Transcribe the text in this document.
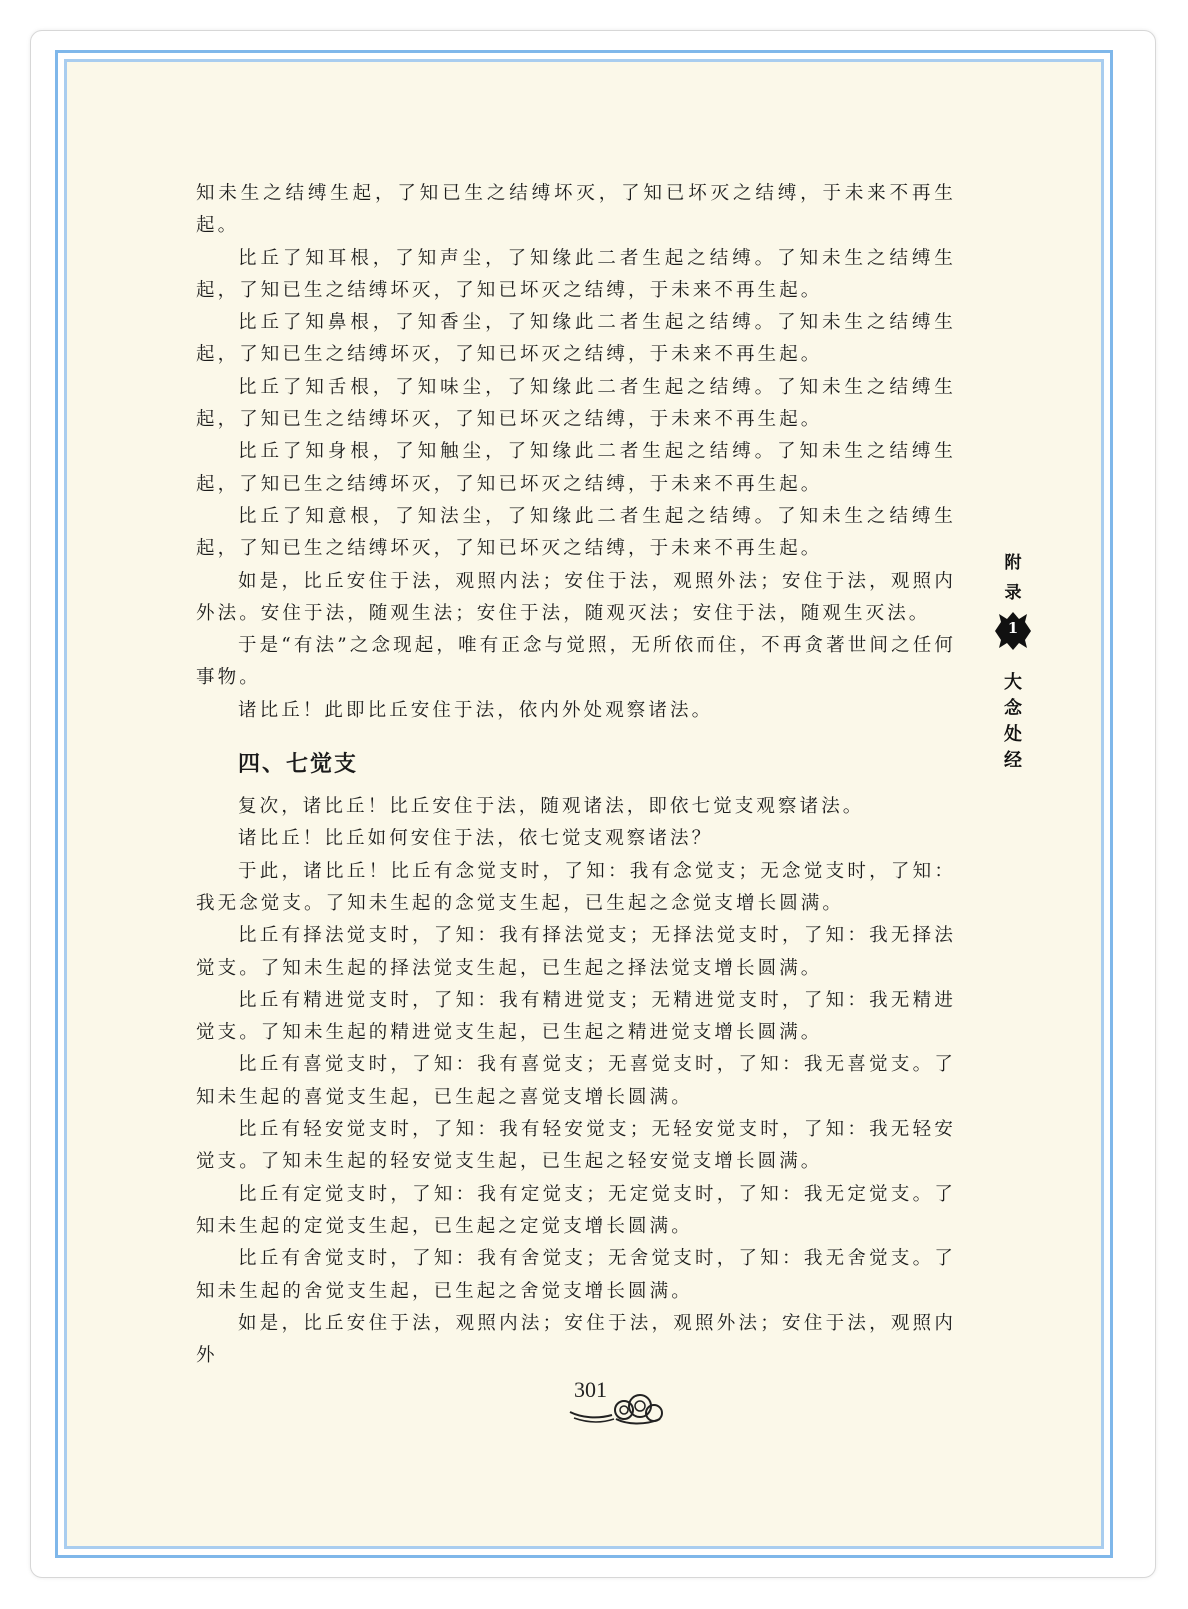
知未生之结缚生起，了知已生之结缚坏灭，了知已坏灭之结缚，于未来不再生起。

比丘了知耳根，了知声尘，了知缘此二者生起之结缚。了知未生之结缚生起，了知已生之结缚坏灭，了知已坏灭之结缚，于未来不再生起。

比丘了知鼻根，了知香尘，了知缘此二者生起之结缚。了知未生之结缚生起，了知已生之结缚坏灭，了知已坏灭之结缚，于未来不再生起。

比丘了知舌根，了知味尘，了知缘此二者生起之结缚。了知未生之结缚生起，了知已生之结缚坏灭，了知已坏灭之结缚，于未来不再生起。

比丘了知身根，了知触尘，了知缘此二者生起之结缚。了知未生之结缚生起，了知已生之结缚坏灭，了知已坏灭之结缚，于未来不再生起。

比丘了知意根，了知法尘，了知缘此二者生起之结缚。了知未生之结缚生起，了知已生之结缚坏灭，了知已坏灭之结缚，于未来不再生起。

如是，比丘安住于法，观照内法；安住于法，观照外法；安住于法，观照内外法。安住于法，随观生法；安住于法，随观灭法；安住于法，随观生灭法。

于是“有法”之念现起，唯有正念与觉照，无所依而住，不再贪著世间之任何事物。

诸比丘！此即比丘安住于法，依内外处观察诸法。

四、七觉支

复次，诸比丘！比丘安住于法，随观诸法，即依七觉支观察诸法。

诸比丘！比丘如何安住于法，依七觉支观察诸法？

于此，诸比丘！比丘有念觉支时，了知：我有念觉支；无念觉支时，了知：我无念觉支。了知未生起的念觉支生起，已生起之念觉支增长圆满。

比丘有择法觉支时，了知：我有择法觉支；无择法觉支时，了知：我无择法觉支。了知未生起的择法觉支生起，已生起之择法觉支增长圆满。

比丘有精进觉支时，了知：我有精进觉支；无精进觉支时，了知：我无精进觉支。了知未生起的精进觉支生起，已生起之精进觉支增长圆满。

比丘有喜觉支时，了知：我有喜觉支；无喜觉支时，了知：我无喜觉支。了知未生起的喜觉支生起，已生起之喜觉支增长圆满。

比丘有轻安觉支时，了知：我有轻安觉支；无轻安觉支时，了知：我无轻安觉支。了知未生起的轻安觉支生起，已生起之轻安觉支增长圆满。

比丘有定觉支时，了知：我有定觉支；无定觉支时，了知：我无定觉支。了知未生起的定觉支生起，已生起之定觉支增长圆满。

比丘有舍觉支时，了知：我有舍觉支；无舍觉支时，了知：我无舍觉支。了知未生起的舍觉支生起，已生起之舍觉支增长圆满。

如是，比丘安住于法，观照内法；安住于法，观照外法；安住于法，观照内外

附
录
1
大
念
处
经
301
